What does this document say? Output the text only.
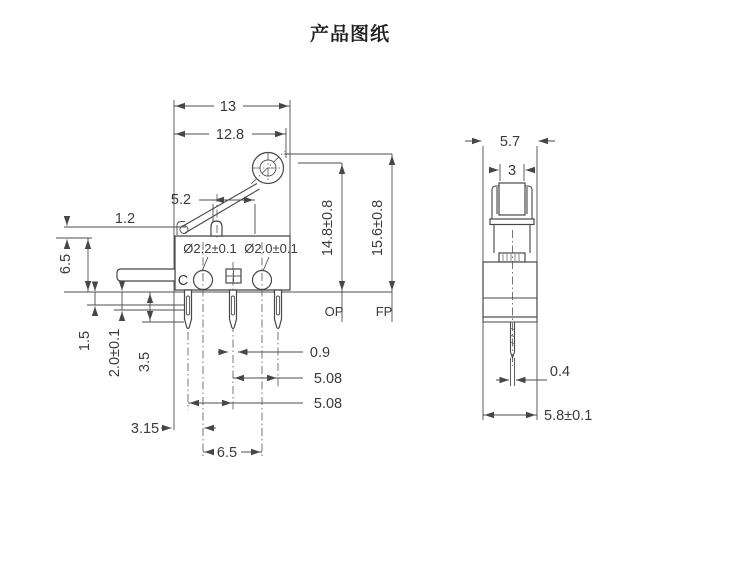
产品图纸
13
12.8
5.2
1.2
6.5
1.5 2.0±0.1 3.5
Ø2.2±0.1 Ø2.0±0.1
C
14.8±0.8 15.6±0.8
OP FP
0.9
5.08
5.08
3.15
6.5
5.7
3
0.4
5.8±0.1
